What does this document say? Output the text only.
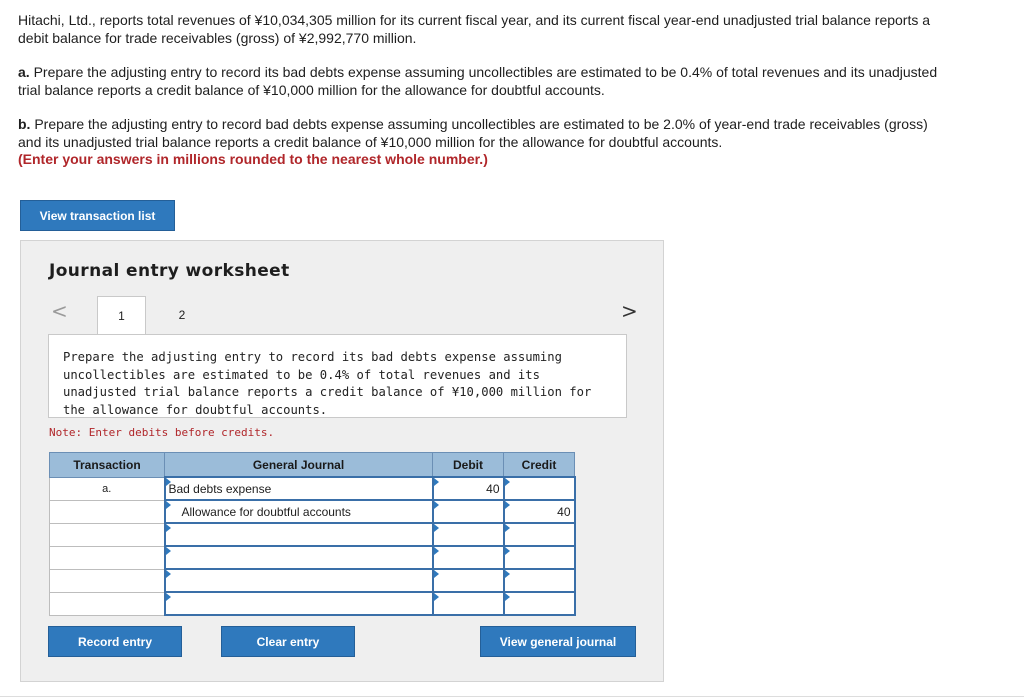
Hitachi, Ltd., reports total revenues of ¥10,034,305 million for its current fiscal year, and its current fiscal year-end unadjusted trial balance reports a debit balance for trade receivables (gross) of ¥2,992,770 million.

a. Prepare the adjusting entry to record its bad debts expense assuming uncollectibles are estimated to be 0.4% of total revenues and its unadjusted trial balance reports a credit balance of ¥10,000 million for the allowance for doubtful accounts.

b. Prepare the adjusting entry to record bad debts expense assuming uncollectibles are estimated to be 2.0% of year-end trade receivables (gross) and its unadjusted trial balance reports a credit balance of ¥10,000 million for the allowance for doubtful accounts.
(Enter your answers in millions rounded to the nearest whole number.)

View transaction list
Journal entry worksheet
<	1	2	>
Prepare the adjusting entry to record its bad debts expense assuming uncollectibles are estimated to be 0.4% of total revenues and its unadjusted trial balance reports a credit balance of ¥10,000 million for the allowance for doubtful accounts.
Note: Enter debits before credits.
Transaction	General Journal	Debit	Credit

a.	Bad debts expense	40	

	Allowance for doubtful accounts		40

Record entry	Clear entry	View general journal
